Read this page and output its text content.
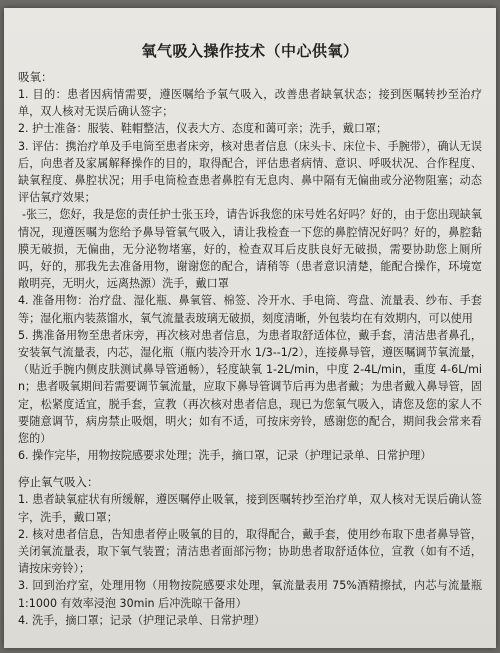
氧气吸入操作技术（中心供氧）
吸氧：

1. 目的：患者因病情需要，遵医嘱给予氧气吸入，改善患者缺氧状态；接到医嘱转抄至治疗单，双人核对无误后确认签字；

2. 护士准备：服装、鞋帽整洁，仪表大方、态度和蔼可亲；洗手，戴口罩；

3. 评估：携治疗单及手电筒至患者床旁，核对患者信息（床头卡、床位卡、手腕带），确认无误后，向患者及家属解释操作的目的，取得配合，评估患者病情、意识、呼吸状况、合作程度、缺氧程度、鼻腔状况；用手电筒检查患者鼻腔有无息肉、鼻中隔有无偏曲或分泌物阻塞；动态评估氧疗效果；

-张三，您好，我是您的责任护士张玉玲，请告诉我您的床号姓名好吗？好的，由于您出现缺氧情况，现遵医嘱为您给予鼻导管氧气吸入，请让我检查一下您的鼻腔情况好吗？好的，鼻腔黏膜无破损，无偏曲，无分泌物堵塞，好的，检查双耳后皮肤良好无破损，需要协助您上厕所吗，好的，那我先去准备用物，谢谢您的配合，请稍等（患者意识清楚，能配合操作，环境宽敞明亮，无明火，远离热源）洗手，戴口罩

4. 准备用物：治疗盘、湿化瓶、鼻氧管、棉签、冷开水、手电筒、弯盘、流量表、纱布、手套等；湿化瓶内装蒸馏水，氧气流量表玻璃无破损，刻度清晰，外包装均在有效期内，可以使用

5. 携准备用物至患者床旁，再次核对患者信息，为患者取舒适体位，戴手套，清洁患者鼻孔，安装氧气流量表，内芯，湿化瓶（瓶内装冷开水 1/3--1/2），连接鼻导管，遵医嘱调节氧流量，（贴近手腕内侧皮肤测试鼻导管通畅），轻度缺氧 1-2L/min，中度 2-4L/min，重度 4-6L/min；患者吸氧期间若需要调节氧流量，应取下鼻导管调节后再为患者戴；为患者戴入鼻导管，固定，松紧度适宜，脱手套，宣教（再次核对患者信息，现已为您氧气吸入，请您及您的家人不要随意调节，病房禁止吸烟，明火；如有不适，可按床旁铃，感谢您的配合，期间我会常来看您的）

6. 操作完毕，用物按院感要求处理；洗手，摘口罩，记录（护理记录单、日常护理）

停止氧气吸入：

1. 患者缺氧症状有所缓解，遵医嘱停止吸氧，接到医嘱转抄至治疗单，双人核对无误后确认签字，洗手，戴口罩；

2. 核对患者信息，告知患者停止吸氧的目的，取得配合，戴手套，使用纱布取下患者鼻导管，关闭氧流量表，取下氧气装置；清洁患者面部污物；协助患者取舒适体位，宣教（如有不适，请按床旁铃）；

3. 回到治疗室，处理用物（用物按院感要求处理，氧流量表用 75%酒精擦拭，内芯与流量瓶 1:1000 有效率浸泡 30min 后冲洗晾干备用）

4. 洗手，摘口罩；记录（护理记录单、日常护理）
